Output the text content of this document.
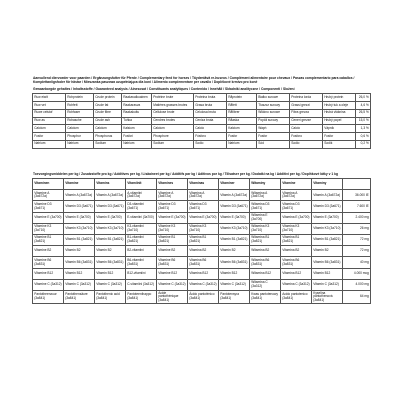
Aanvullend diervoeder voor paarden / Ergänzungsfutter für Pferde / Complementary feed for horses / Täydentävä re-huseos / Complément alimentaire pour chevaux / Paszas complementario para caballos / Komplettanligsfoder för hästar / Mieszanka paszowa uzupełniająca dla koni / Alimento complementare per cavallo / Doplňkové krmivo pro koně
Gewaarborgde gehaltes / Inhaltsstoffe / Guaranteed analysis / Ainesosat / Constituants analytiques / Contenido / Innehåll / Składniki analityczne / Componenti / Složení
Ruw eiwit	Rohprotein	Crude protein	Raakavalkuainen	Protéine brute	Proteina bruta	Råprotein	Białko surowe	Proteina lorda	Hrubý protein	26,0 %
Ruw vet	Rohfett	Crude fat	Raakarasva	Matières grasses brutes	Grasa bruta	Råfett	Tłuszcz surowy	Grassi grezzi	Hrubý tuk a oleje	4,6 %
Ruwe celstof	Rohfaser	Crude fibre	Raakakuitu	Cellulose brute	Celulosa bruta	Råfibrer	Włókno surowe	Fibra grezza	Hrubá vláknina	26,5 %
Ruw as	Rohasche	Crude ash	Tuhka	Cendres brutes	Ceniza bruta	Råaska	Popiół surowy	Ceneri grezze	Hrubý popel	15,0 %
Calcium	Calcium	Calcium	Kalsium	Calcium	Calcio	Kalcium	Wapń	Calcio	Vápník	1,3 %
Fosfor	Phosphor	Phosphorus	Fosfori	Phosphore	Fósforo	Fosfor	Fosfor	Fosforo	Fosfor	0,6 %
Natrium	Natrium	Sodium	Natrium	Sodium	Sodio	Natrium	Sód	Sodio	Sodík	0,2 %
Toevoegingsmiddelen per kg / Zusatzstoffe pro kg / Additives per kg / Lisäaineet per kg / Additifs par kg / Aditivos por kg / Tillsatser per kg / Dodatki na kg / Additivi per kg / Doplňkové látky v 1 kg
Vitaminen	Vitamine	Vitamins	Vitamiinit	Vitamines	Vitaminas	Vitaminer	Witaminy	Vitamine	Vitamíny	
Vitamine A (3a672a)	Vitamin A (3a672a)	Vitamin A (3a672a)	A-vitamiini (3a672a)	Vitamine A (3a672a)	Vitamina A (3a672a)	Vitamin A (3a672a)	Witamina A (3a672a)	Vitamina A (3a672a)	Vitamin A (3a672a)	36.000 IE
Vitamine D3 (3a671)	Vitamin D3 (3a671)	Vitamin D3 (3a671)	D3-vitamiini (3a671)	Vitamine D3 (3a671)	Vitamina D3 (3a671)	Vitamin D3 (3a671)	Witamina D3 (3a671)	Vitamina D3 (3a671)	Vitamin D3 (3a671)	7.600 IE
Vitamine E (3a700)	Vitamin E (3a700)	Vitamin E (3a700)	E-vitamiini (3a700)	Vitamine E (3a700)	Vitamina E (3a700)	Vitamin E (3a700)	Witamina E (3a700)	Vitamina E (3a700)	Vitamin E (3a700)	2.400 mg
Vitamine K3 (3a710)	Vitamin K3 (3a710)	Vitamin K3 (3a710)	K3-vitamiini (3a710)	Vitamine K3 (3a710)	Vitamina K3 (3a710)	Vitamin K3 (3a710)	Witamina K3 (3a710)	Vitamina K3 (3a710)	Vitamin K3 (3a710)	26 mg
Vitamine B1 (3a821)	Vitamin B1 (3a821)	Vitamin B1 (3a821)	B1-vitamiini (3a821)	Vitamine B1 (3a821)	Vitamina B1 (3a821)	Vitamin B1 (3a821)	Witamina B1 (3a821)	Vitamina B1 (3a821)	Vitamin B1 (3a821)	72 mg
Vitamine B2	Vitamin B2	Vitamin B2	B2-vitamiini	Vitamine B2	Vitamina B2	Vitamin B2	Witamina B2	Vitamina B2	Vitamin B2	72 mg
Vitamine B6 (3a831)	Vitamin B6 (3a831)	Vitamin B6 (3a831)	B6-vitamiini (3a831)	Vitamine B6 (3a831)	Vitamina B6 (3a831)	Vitamin B6 (3a831)	Witamina B6 (3a831)	Vitamina B6 (3a831)	Vitamin B6 (3a831)	40 mg
Vitamine B12	Vitamin B12	Vitamin B12	B12-vitamiini	Vitamine B12	Vitamina B12	Vitamin B12	Witamina B12	Vitamina B12	Vitamin B12	4.000 mcg
Vitamine C (3a312)	Vitamin C (3a312)	Vitamin C (3a312)	C-vitamiini (3a312)	Vitamine C (3a312)	Vitamina C (3a312)	Vitamin C (3a312)	Witamina C (3a312)	Vitamina C (3a312)	Vitamin C (3a312)	4.000 mg
Pantotheenzuur (3a841)	Pantothensäure (3a841)	Pantothenic acid (3a841)	Pantoteenihappo (3a841)	Acide pantothénique (3a841)	Ácido pantoténico (3a841)	Pantotensyra (3a841)	Kwas pantotenowy (3a841)	Acido pantotenico (3a841)	Kyselina pantothenová (3a841)	64 mg
